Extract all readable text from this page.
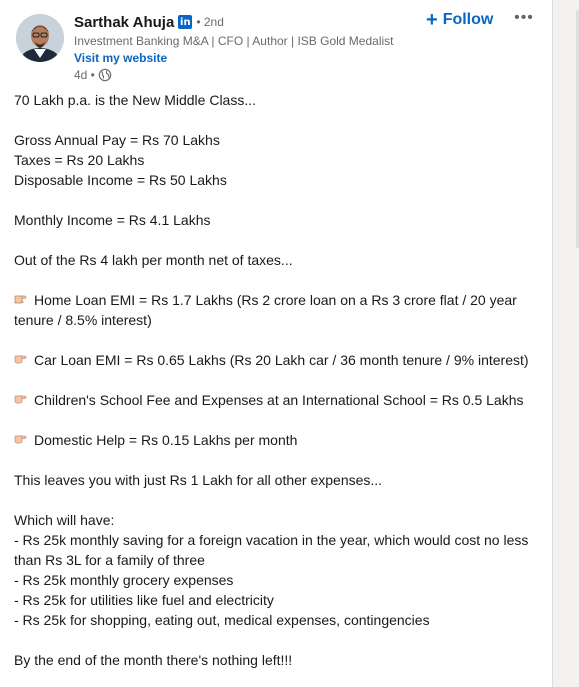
Sarthak Ahuja in • 2nd
Investment Banking M&A | CFO | Author | ISB Gold Medalist
Visit my website
4d •
+ Follow •••

70 Lakh p.a. is the New Middle Class...

Gross Annual Pay = Rs 70 Lakhs

Taxes = Rs 20 Lakhs

Disposable Income = Rs 50 Lakhs

Monthly Income = Rs 4.1 Lakhs

Out of the Rs 4 lakh per month net of taxes...

Home Loan EMI = Rs 1.7 Lakhs (Rs 2 crore loan on a Rs 3 crore flat / 20 year

tenure / 8.5% interest)

Car Loan EMI = Rs 0.65 Lakhs (Rs 20 Lakh car / 36 month tenure / 9% interest)

Children's School Fee and Expenses at an International School = Rs 0.5 Lakhs

Domestic Help = Rs 0.15 Lakhs per month

This leaves you with just Rs 1 Lakh for all other expenses...

Which will have:

- Rs 25k monthly saving for a foreign vacation in the year, which would cost no less

than Rs 3L for a family of three

- Rs 25k monthly grocery expenses

- Rs 25k for utilities like fuel and electricity

- Rs 25k for shopping, eating out, medical expenses, contingencies

By the end of the month there's nothing left!!!
